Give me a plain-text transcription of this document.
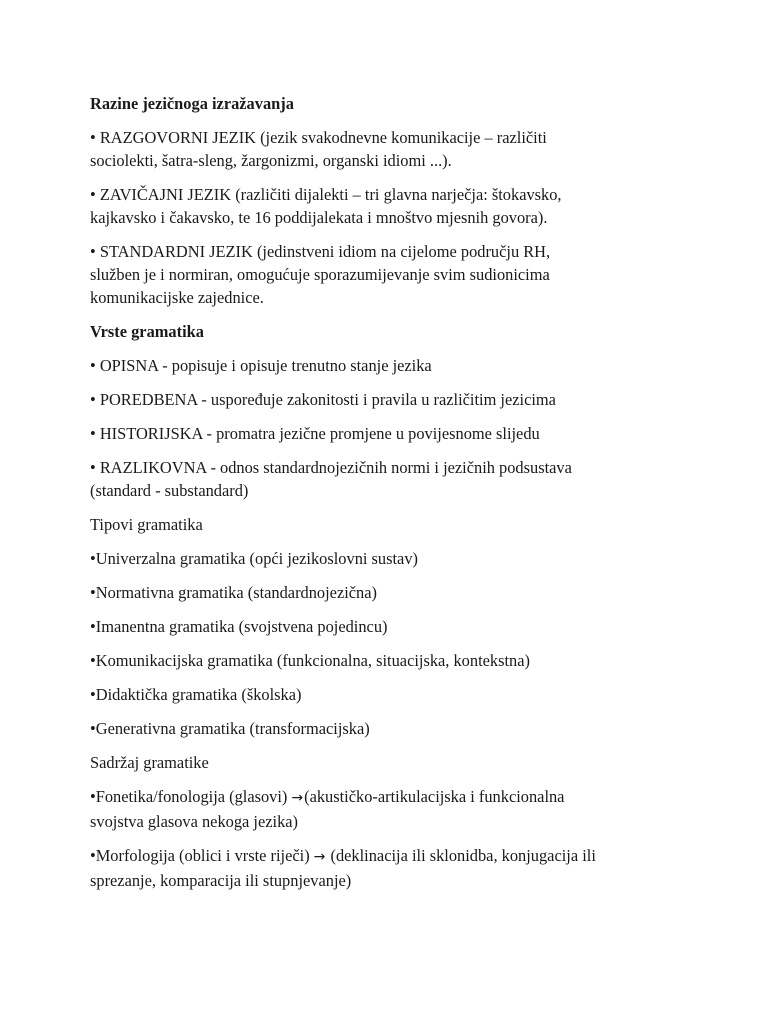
Razine jezičnoga izražavanja
• RAZGOVORNI JEZIK (jezik svakodnevne komunikacije – različiti
sociolekti, šatra-sleng, žargonizmi, organski idiomi ...).
• ZAVIČAJNI JEZIK (različiti dijalekti – tri glavna narječja: štokavsko,
kajkavsko i čakavsko, te 16 poddijalekata i mnoštvo mjesnih govora).
• STANDARDNI JEZIK (jedinstveni idiom na cijelome području RH,
služben je i normiran, omogućuje sporazumijevanje svim sudionicima
komunikacijske zajednice.
Vrste gramatika
• OPISNA - popisuje i opisuje trenutno stanje jezika
• POREDBENA - uspoređuje zakonitosti i pravila u različitim jezicima
• HISTORIJSKA - promatra jezične promjene u povijesnome slijedu
• RAZLIKOVNA - odnos standardnojezičnih normi i jezičnih podsustava
(standard - substandard)
Tipovi gramatika
•Univerzalna gramatika (opći jezikoslovni sustav)
•Normativna gramatika (standardnojezična)
•Imanentna gramatika (svojstvena pojedincu)
•Komunikacijska gramatika (funkcionalna, situacijska, kontekstna)
•Didaktička gramatika (školska)
•Generativna gramatika (transformacijska)
Sadržaj gramatike
•Fonetika/fonologija (glasovi) →(akustičko-artikulacijska i funkcionalna
svojstva glasova nekoga jezika)
•Morfologija (oblici i vrste riječi) → (deklinacija ili sklonidba, konjugacija ili
sprezanje, komparacija ili stupnjevanje)
